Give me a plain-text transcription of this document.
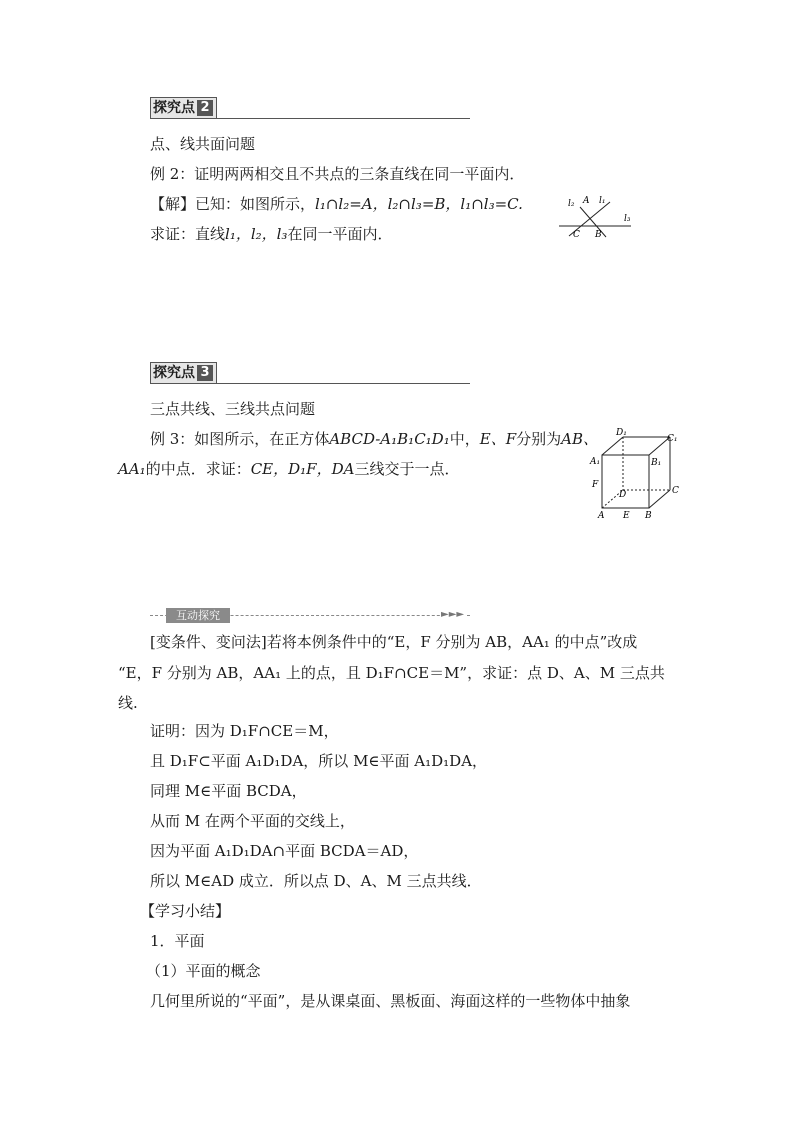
探究点 2
点、线共面问题
例 2：证明两两相交且不共点的三条直线在同一平面内．
【解】已知：如图所示，l₁∩l₂=A，l₂∩l₃=B，l₁∩l₃=C.
求证：直线l₁，l₂，l₃在同一平面内．
l₂ A l₁
l₃
C B
探究点 3
三点共线、三线共点问题
例 3：如图所示，在正方体ABCD-A₁B₁C₁D₁中，E、F分别为AB、
AA₁的中点．求证：CE，D₁F，DA三线交于一点．
D₁
C₁
A₁	B₁
F
D	C
A E B
►►►
互动探究
[变条件、变问法]若将本例条件中的“E，F 分别为 AB，AA₁ 的中点”改成
“E，F 分别为 AB，AA₁ 上的点，且 D₁F∩CE＝M”，求证：点 D、A、M 三点共
线.
证明：因为 D₁F∩CE＝M，
且 D₁F⊂平面 A₁D₁DA，所以 M∈平面 A₁D₁DA，
同理 M∈平面 BCDA，
从而 M 在两个平面的交线上，
因为平面 A₁D₁DA∩平面 BCDA＝AD，
所以 M∈AD 成立．所以点 D、A、M 三点共线．
【学习小结】
1．平面
（1）平面的概念
几何里所说的“平面”，是从课桌面、黑板面、海面这样的一些物体中抽象
